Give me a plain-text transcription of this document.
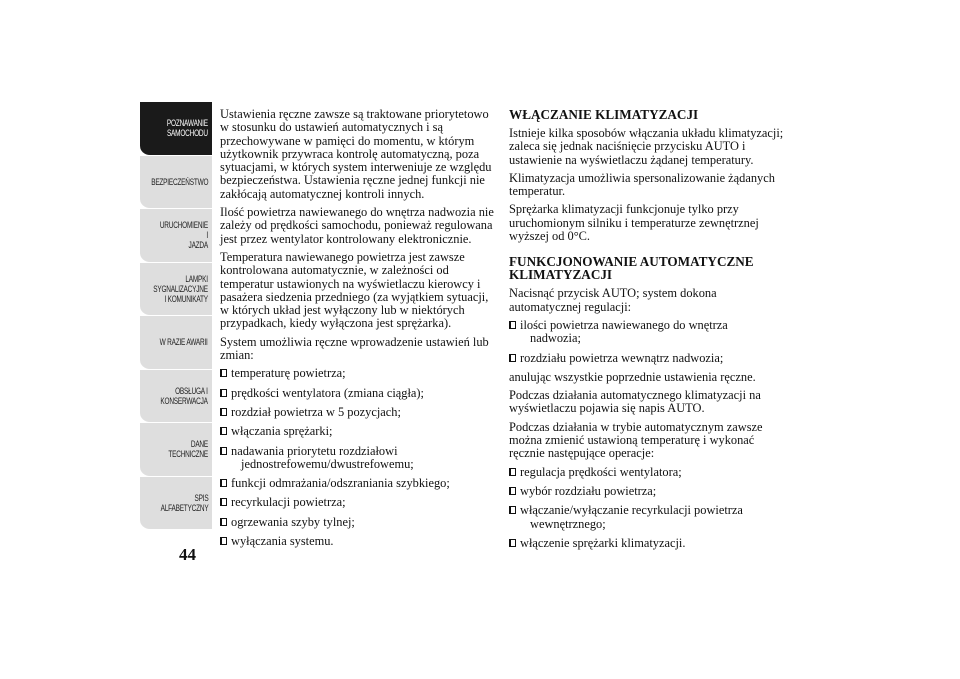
POZNAWANIE
SAMOCHODU
BEZPIECZEŃSTWO
URUCHOMIENIE I
JAZDA
LAMPKI
SYGNALIZACYJNE
I KOMUNIKATY
W RAZIE AWARII
OBSŁUGA I
KONSERWACJA
DANE
TECHNICZNE
SPIS
ALFABETYCZNY
44

Ustawienia ręczne zawsze są traktowane priorytetowo w stosunku do ustawień automatycznych i są przechowywane w pamięci do momentu, w którym użytkownik przywraca kontrolę automatyczną, poza sytuacjami, w których system interweniuje ze względu bezpieczeństwa. Ustawienia ręczne jednej funkcji nie zakłócają automatycznej kontroli innych.

Ilość powietrza nawiewanego do wnętrza nadwozia nie zależy od prędkości samochodu, ponieważ regulowana jest przez wentylator kontrolowany elektronicznie.

Temperatura nawiewanego powietrza jest zawsze kontrolowana automatycznie, w zależności od temperatur ustawionych na wyświetlaczu kierowcy i pasażera siedzenia przedniego (za wyjątkiem sytuacji, w których układ jest wyłączony lub w niektórych przypadkach, kiedy wyłączona jest sprężarka).

System umożliwia ręczne wprowadzenie ustawień lub zmian:

temperaturę powietrza;
prędkości wentylatora (zmiana ciągła);
rozdział powietrza w 5 pozycjach;
włączania sprężarki;
nadawania priorytetu rozdziałowi
jednostrefowemu/dwustrefowemu;
funkcji odmrażania/odszraniania szybkiego;
recyrkulacji powietrza;
ogrzewania szyby tylnej;
wyłączania systemu.
WŁĄCZANIE KLIMATYZACJI

Istnieje kilka sposobów włączania układu klimatyzacji; zaleca się jednak naciśnięcie przycisku AUTO i ustawienie na wyświetlaczu żądanej temperatury.

Klimatyzacja umożliwia spersonalizowanie żądanych temperatur.

Sprężarka klimatyzacji funkcjonuje tylko przy uruchomionym silniku i temperaturze zewnętrznej wyższej od 0°C.

FUNKCJONOWANIE AUTOMATYCZNE KLIMATYZACJI

Nacisnąć przycisk AUTO; system dokona automatycznej regulacji:

ilości powietrza nawiewanego do wnętrza
nadwozia;
rozdziału powietrza wewnątrz nadwozia;

anulując wszystkie poprzednie ustawienia ręczne.

Podczas działania automatycznego klimatyzacji na wyświetlaczu pojawia się napis AUTO.

Podczas działania w trybie automatycznym zawsze można zmienić ustawioną temperaturę i wykonać ręcznie następujące operacje:

regulacja prędkości wentylatora;
wybór rozdziału powietrza;
włączanie/wyłączanie recyrkulacji powietrza
wewnętrznego;
włączenie sprężarki klimatyzacji.
